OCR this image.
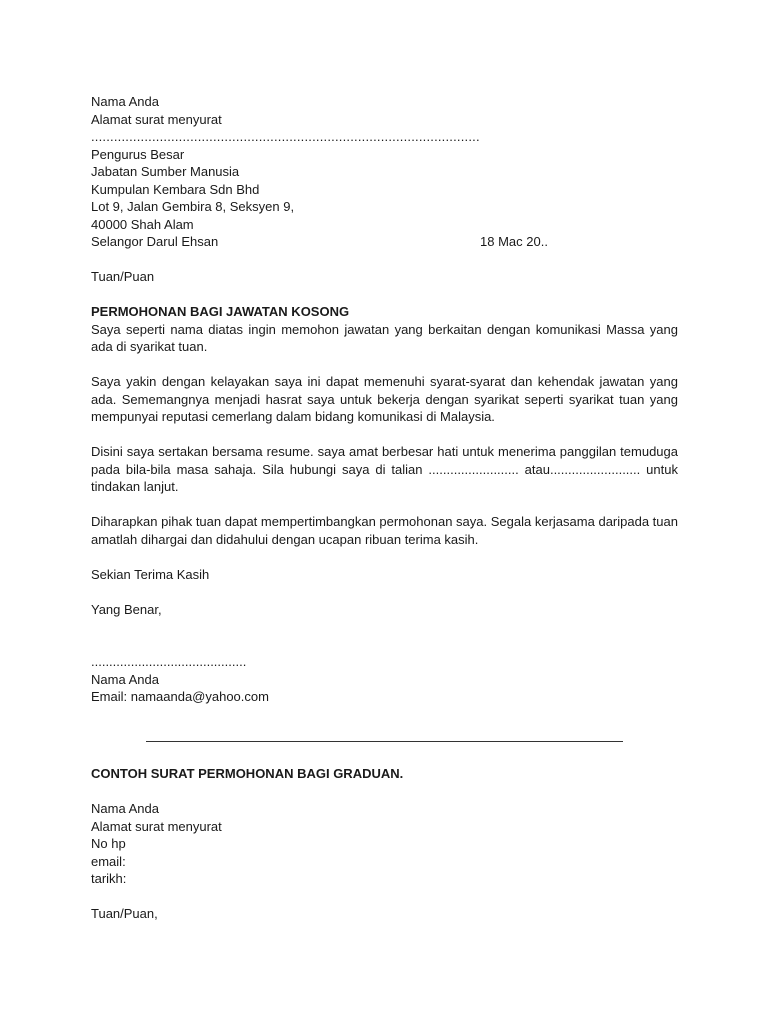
Nama Anda
Alamat surat menyurat
......................................................................................................
Pengurus Besar
Jabatan Sumber Manusia
Kumpulan Kembara Sdn Bhd
Lot 9, Jalan Gembira 8, Seksyen 9,
40000 Shah Alam
Selangor Darul Ehsan	18 Mac 20..
Tuan/Puan
PERMOHONAN BAGI JAWATAN KOSONG
Saya seperti nama diatas ingin memohon jawatan yang berkaitan dengan komunikasi Massa yang ada di syarikat tuan.
Saya yakin dengan kelayakan saya ini dapat memenuhi syarat-syarat dan kehendak jawatan yang ada. Sememangnya menjadi hasrat saya untuk bekerja dengan syarikat seperti syarikat tuan yang mempunyai reputasi cemerlang dalam bidang komunikasi di Malaysia.
Disini saya sertakan bersama resume. saya amat berbesar hati untuk menerima panggilan temuduga pada bila-bila masa sahaja. Sila hubungi saya di talian ......................... atau......................... untuk tindakan lanjut.
Diharapkan pihak tuan dapat mempertimbangkan permohonan saya. Segala kerjasama daripada tuan amatlah dihargai dan didahului dengan ucapan ribuan terima kasih.
Sekian Terima Kasih
Yang Benar,
...........................................
Nama Anda
Email: namaanda@yahoo.com
CONTOH SURAT PERMOHONAN BAGI GRADUAN.
Nama Anda
Alamat surat menyurat
No hp
email:
tarikh:
Tuan/Puan,
